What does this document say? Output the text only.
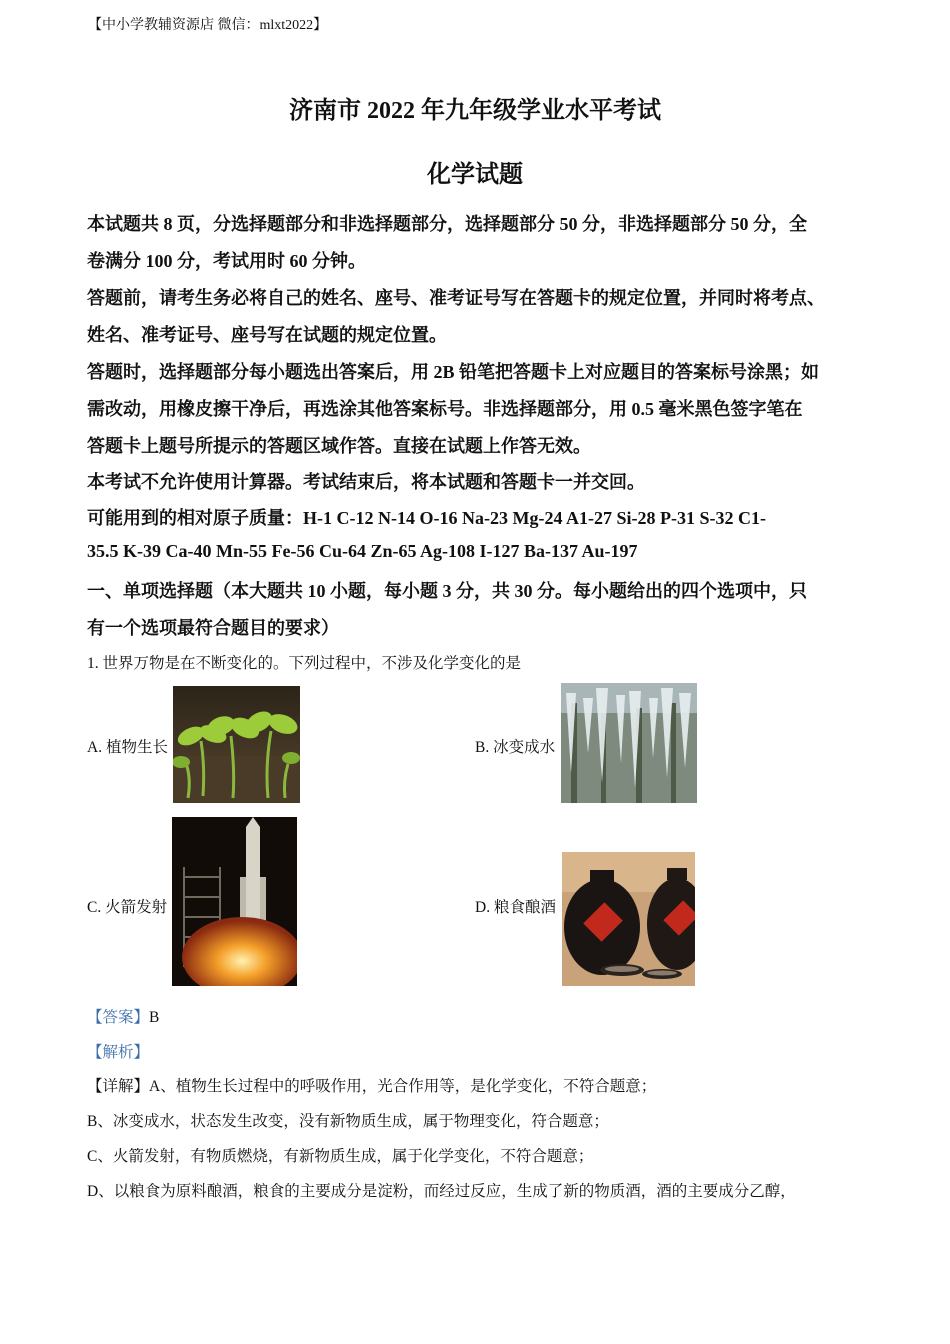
【中小学教辅资源店 微信：mlxt2022】
济南市 2022 年九年级学业水平考试
化学试题
本试题共 8 页，分选择题部分和非选择题部分，选择题部分 50 分，非选择题部分 50 分，全
卷满分 100 分，考试用时 60 分钟。
答题前，请考生务必将自己的姓名、座号、准考证号写在答题卡的规定位置，并同时将考点、
姓名、准考证号、座号写在试题的规定位置。
答题时，选择题部分每小题选出答案后，用 2B 铅笔把答题卡上对应题目的答案标号涂黑；如
需改动，用橡皮擦干净后，再选涂其他答案标号。非选择题部分，用 0.5 毫米黑色签字笔在
答题卡上题号所提示的答题区域作答。直接在试题上作答无效。
本考试不允许使用计算器。考试结束后，将本试题和答题卡一并交回。
可能用到的相对原子质量：H-1 C-12 N-14 O-16 Na-23 Mg-24 A1-27 Si-28 P-31 S-32 C1-
35.5 K-39 Ca-40 Mn-55 Fe-56 Cu-64 Zn-65 Ag-108 I-127 Ba-137 Au-197
一、单项选择题（本大题共 10 小题，每小题 3 分，共 30 分。每小题给出的四个选项中，只
有一个选项最符合题目的要求）
1. 世界万物是在不断变化的。下列过程中，不涉及化学变化的是
A. 植物生长	B. 冰变成水
C. 火箭发射	D. 粮食酿酒
【答案】B
【解析】
【详解】A、植物生长过程中的呼吸作用，光合作用等，是化学变化，不符合题意；
B、冰变成水，状态发生改变，没有新物质生成，属于物理变化，符合题意；
C、火箭发射，有物质燃烧，有新物质生成，属于化学变化，不符合题意；
D、以粮食为原料酿酒，粮食的主要成分是淀粉，而经过反应，生成了新的物质酒，酒的主要成分乙醇，
